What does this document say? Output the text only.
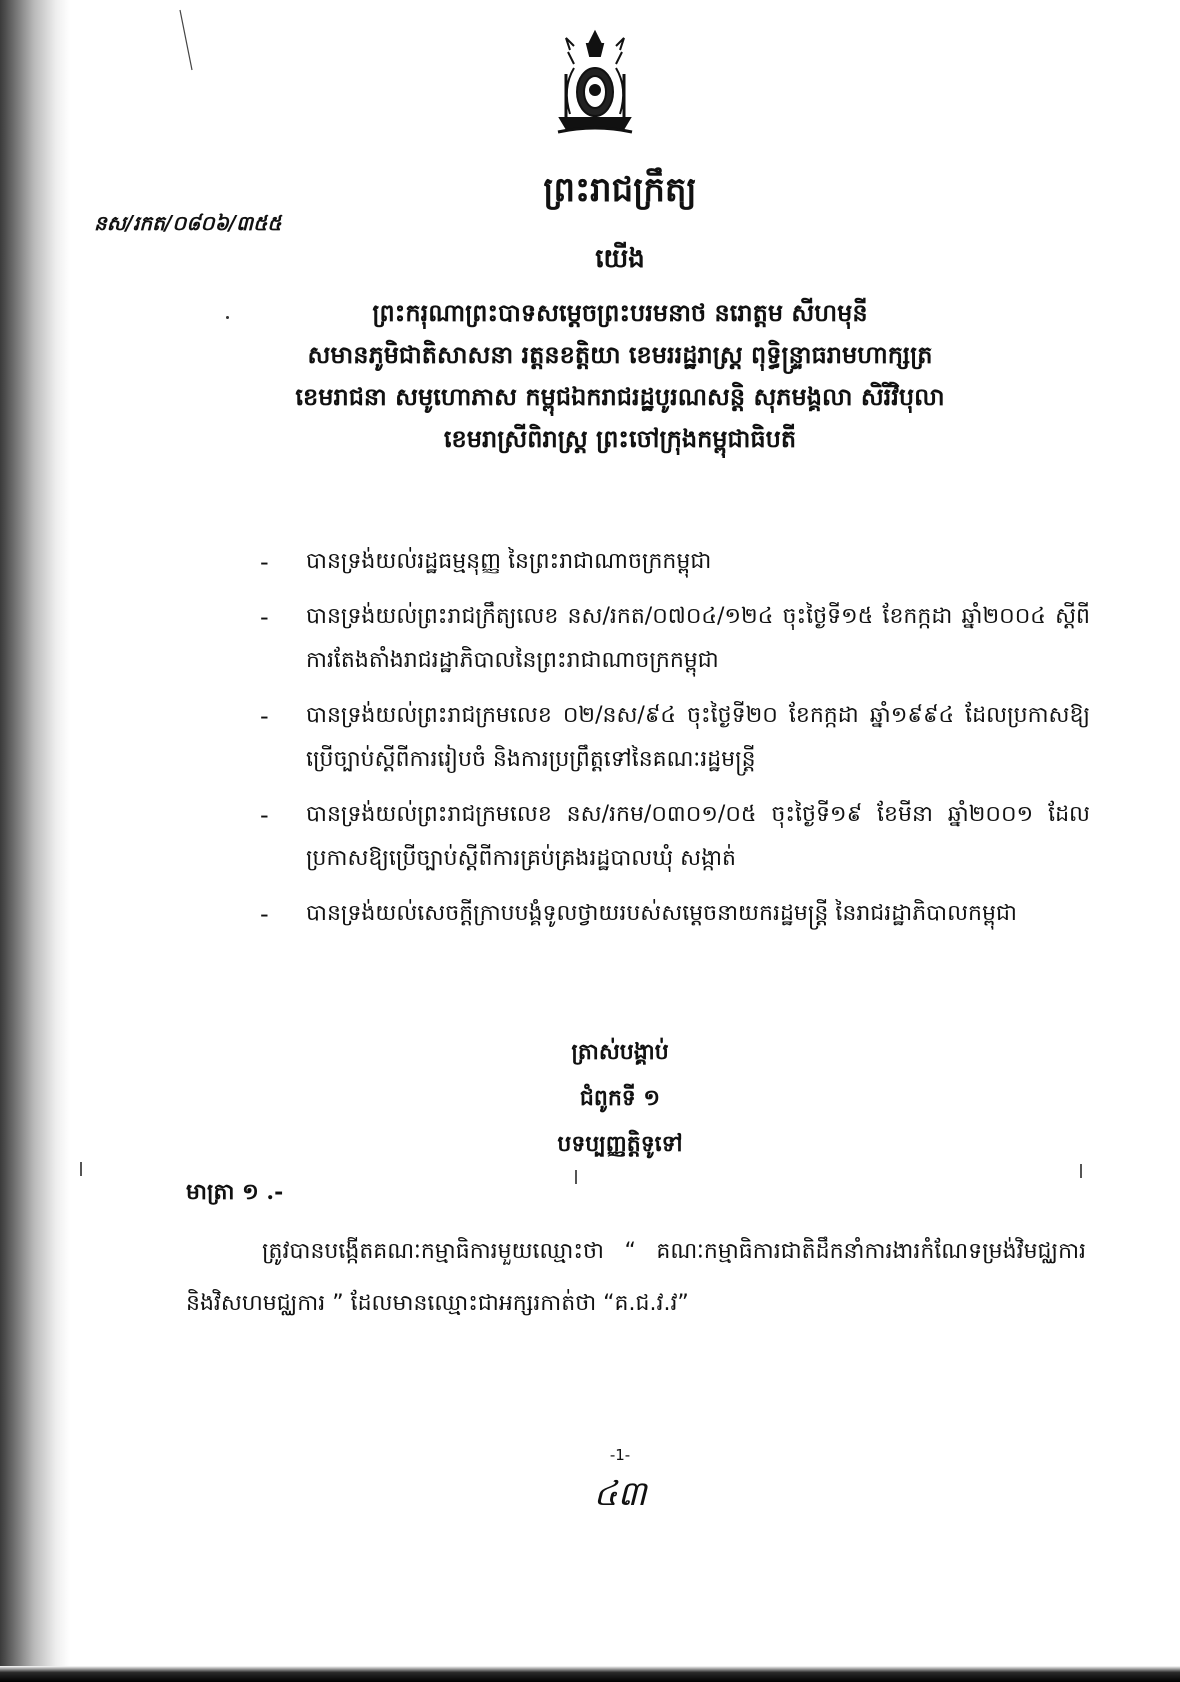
ព្រះរាជក្រឹត្យ
នស/រកត/០៨០៦/៣៥៥
យើង
ព្រះករុណាព្រះបាទសម្តេចព្រះបរមនាថ នរោត្តម សីហមុនី
សមានភូមិជាតិសាសនា រត្តនខត្តិយា ខេមររដ្ឋរាស្ត្រ ពុទ្ធិន្ទ្រាធរាមហាក្សត្រ
ខេមរាជនា សមូហោភាស កម្ពុជឯករាជរដ្ឋបូរណសន្តិ សុភមង្គលា សិរីវិបុលា
ខេមរាស្រីពិរាស្ត្រ ព្រះចៅក្រុងកម្ពុជាធិបតី
- បានទ្រង់យល់រដ្ឋធម្មនុញ្ញ នៃព្រះរាជាណាចក្រកម្ពុជា
- បានទ្រង់យល់ព្រះរាជក្រឹត្យលេខ នស/រកត/០៧០៤/១២៤ ចុះថ្ងៃទី១៥ ខែកក្កដា ឆ្នាំ២០០៤ ស្តីពីការតែងតាំងរាជរដ្ឋាភិបាលនៃព្រះរាជាណាចក្រកម្ពុជា
- បានទ្រង់យល់ព្រះរាជក្រមលេខ ០២/នស/៩៤ ចុះថ្ងៃទី២០ ខែកក្កដា ឆ្នាំ១៩៩៤ ដែលប្រកាសឱ្យប្រើច្បាប់ស្តីពីការរៀបចំ និងការប្រព្រឹត្តទៅនៃគណៈរដ្ឋមន្ត្រី
- បានទ្រង់យល់ព្រះរាជក្រមលេខ នស/រកម/០៣០១/០៥ ចុះថ្ងៃទី១៩ ខែមីនា ឆ្នាំ២០០១ ដែលប្រកាសឱ្យប្រើច្បាប់ស្តីពីការគ្រប់គ្រងរដ្ឋបាលឃុំ សង្កាត់
- បានទ្រង់យល់សេចក្តីក្រាបបង្គំទូលថ្វាយរបស់សម្តេចនាយករដ្ឋមន្ត្រី នៃរាជរដ្ឋាភិបាលកម្ពុជា
ត្រាស់បង្គាប់
ជំពូកទី ១
បទប្បញ្ញត្តិទូទៅ
មាត្រា ១ .-
ត្រូវបានបង្កើតគណៈកម្មាធិការមួយឈ្មោះថា “ គណៈកម្មាធិការជាតិដឹកនាំការងារកំណែទម្រង់វិមជ្ឈការ និងវិសហមជ្ឈការ ” ដែលមានឈ្មោះជាអក្សរកាត់ថា “គ.ជ.វ.វ”
-1-
៤៣
